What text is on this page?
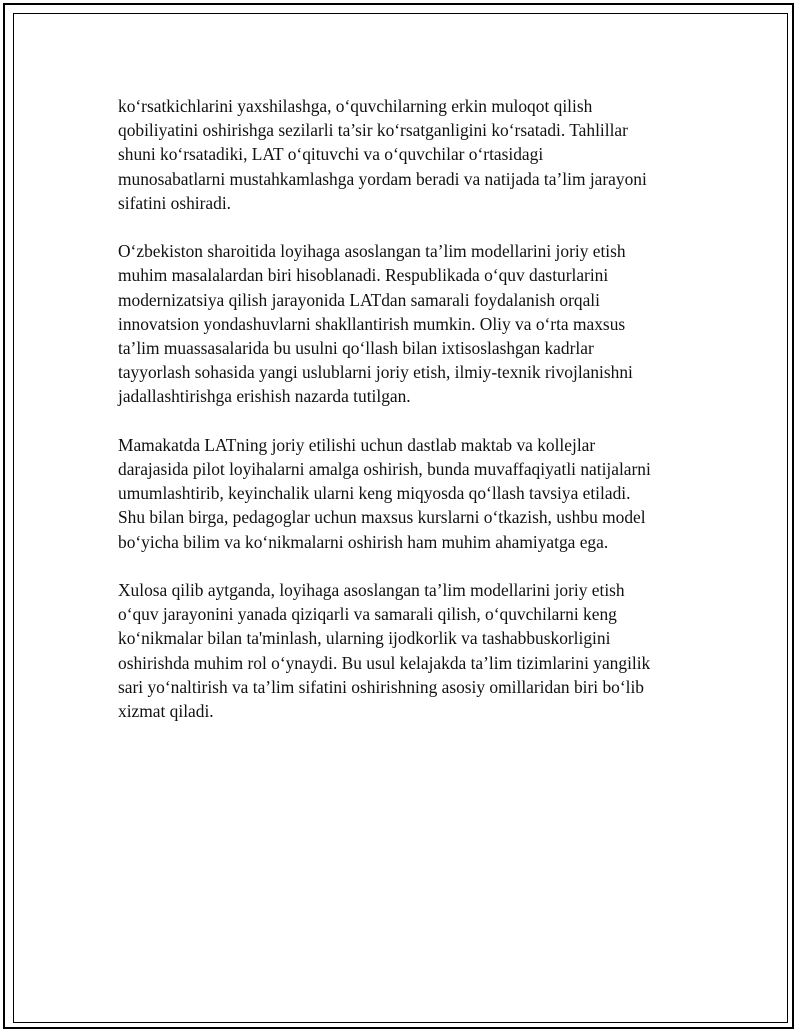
ko‘rsatkichlarini yaxshilashga, o‘quvchilarning erkin muloqot qilish
qobiliyatini oshirishga sezilarli ta’sir ko‘rsatganligini ko‘rsatadi. Tahlillar
shuni ko‘rsatadiki, LAT o‘qituvchi va o‘quvchilar o‘rtasidagi
munosabatlarni mustahkamlashga yordam beradi va natijada ta’lim jarayoni
sifatini oshiradi.

O‘zbekiston sharoitida loyihaga asoslangan ta’lim modellarini joriy etish
muhim masalalardan biri hisoblanadi. Respublikada o‘quv dasturlarini
modernizatsiya qilish jarayonida LATdan samarali foydalanish orqali
innovatsion yondashuvlarni shakllantirish mumkin. Oliy va o‘rta maxsus
ta’lim muassasalarida bu usulni qo‘llash bilan ixtisoslashgan kadrlar
tayyorlash sohasida yangi uslublarni joriy etish, ilmiy-texnik rivojlanishni
jadallashtirishga erishish nazarda tutilgan.

Mamakatda LATning joriy etilishi uchun dastlab maktab va kollejlar
darajasida pilot loyihalarni amalga oshirish, bunda muvaffaqiyatli natijalarni
umumlashtirib, keyinchalik ularni keng miqyosda qo‘llash tavsiya etiladi.
Shu bilan birga, pedagoglar uchun maxsus kurslarni o‘tkazish, ushbu model
bo‘yicha bilim va ko‘nikmalarni oshirish ham muhim ahamiyatga ega.

Xulosa qilib aytganda, loyihaga asoslangan ta’lim modellarini joriy etish
o‘quv jarayonini yanada qiziqarli va samarali qilish, o‘quvchilarni keng
ko‘nikmalar bilan ta'minlash, ularning ijodkorlik va tashabbuskorligini
oshirishda muhim rol o‘ynaydi. Bu usul kelajakda ta’lim tizimlarini yangilik
sari yo‘naltirish va ta’lim sifatini oshirishning asosiy omillaridan biri bo‘lib
xizmat qiladi.
